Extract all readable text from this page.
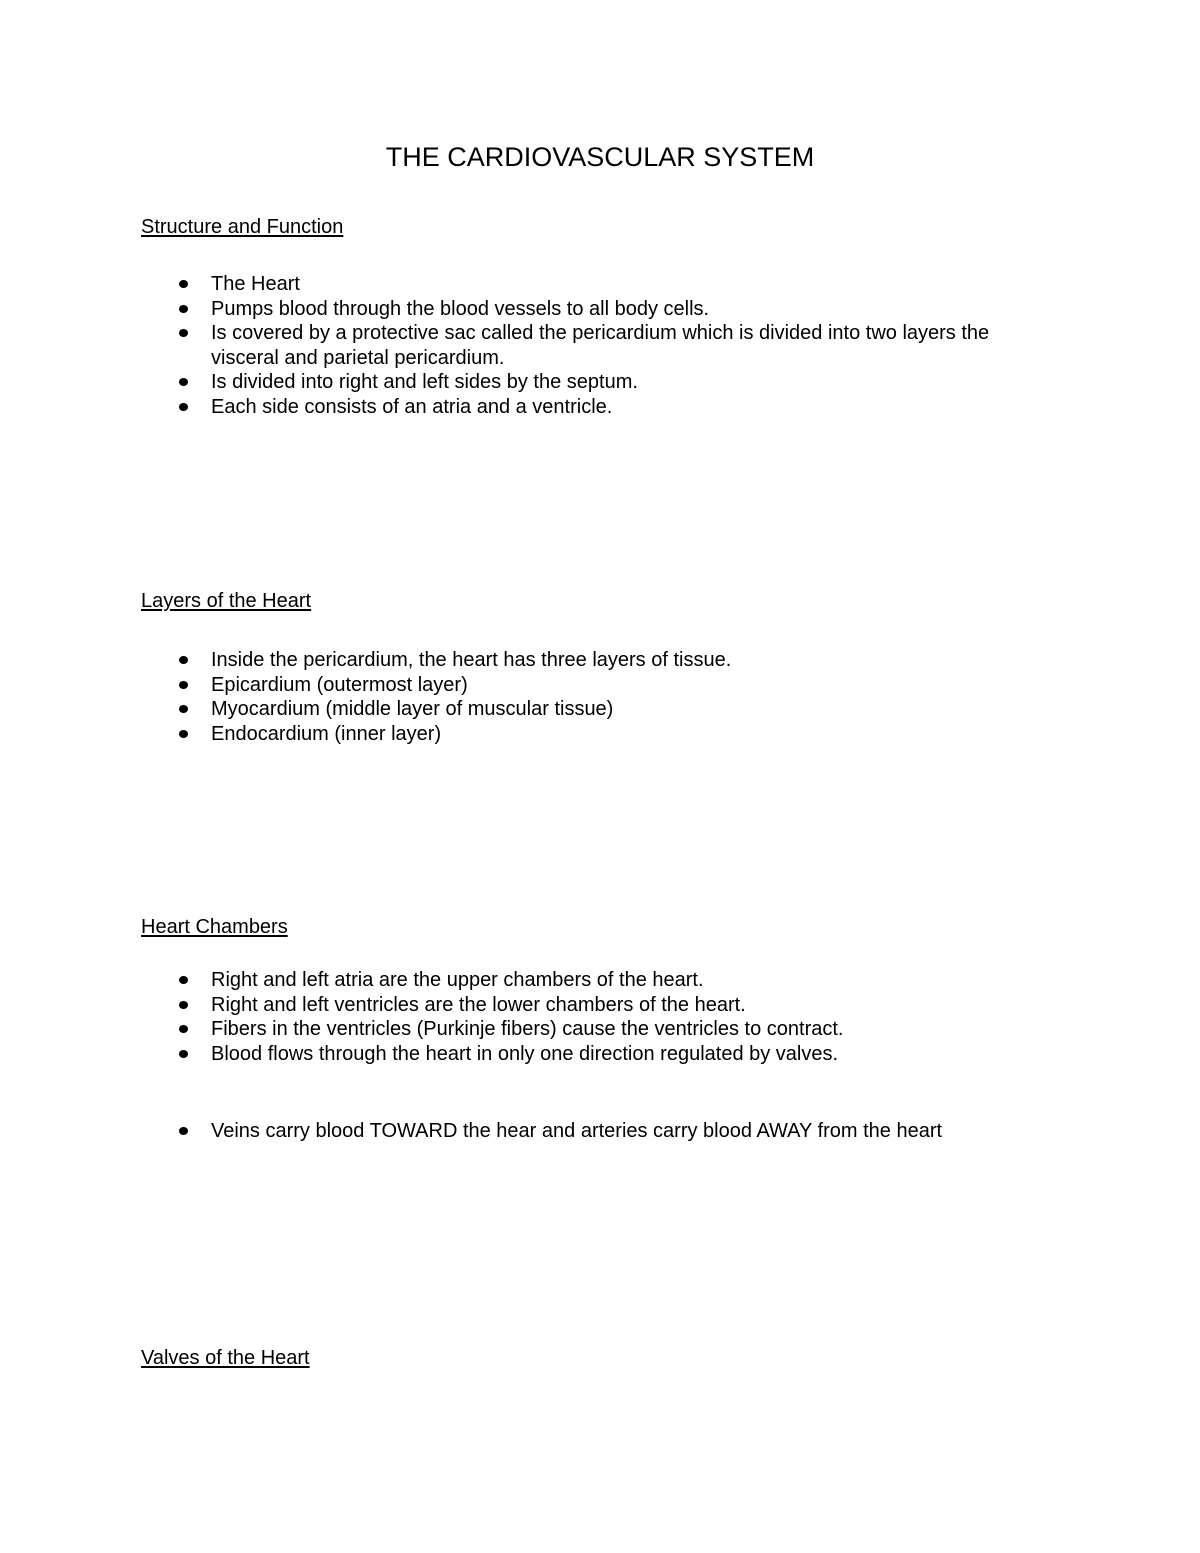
THE CARDIOVASCULAR SYSTEM
Structure and Function
The Heart
Pumps blood through the blood vessels to all body cells.
Is covered by a protective sac called the pericardium which is divided into two layers the visceral and parietal pericardium.
Is divided into right and left sides by the septum.
Each side consists of an atria and a ventricle.
Layers of the Heart
Inside the pericardium, the heart has three layers of tissue.
Epicardium (outermost layer)
Myocardium (middle layer of muscular tissue)
Endocardium (inner layer)
Heart Chambers
Right and left atria are the upper chambers of the heart.
Right and left ventricles are the lower chambers of the heart.
Fibers in the ventricles (Purkinje fibers) cause the ventricles to contract.
Blood flows through the heart in only one direction regulated by valves.
Veins carry blood TOWARD the hear and arteries carry blood AWAY from the heart
Valves of the Heart
